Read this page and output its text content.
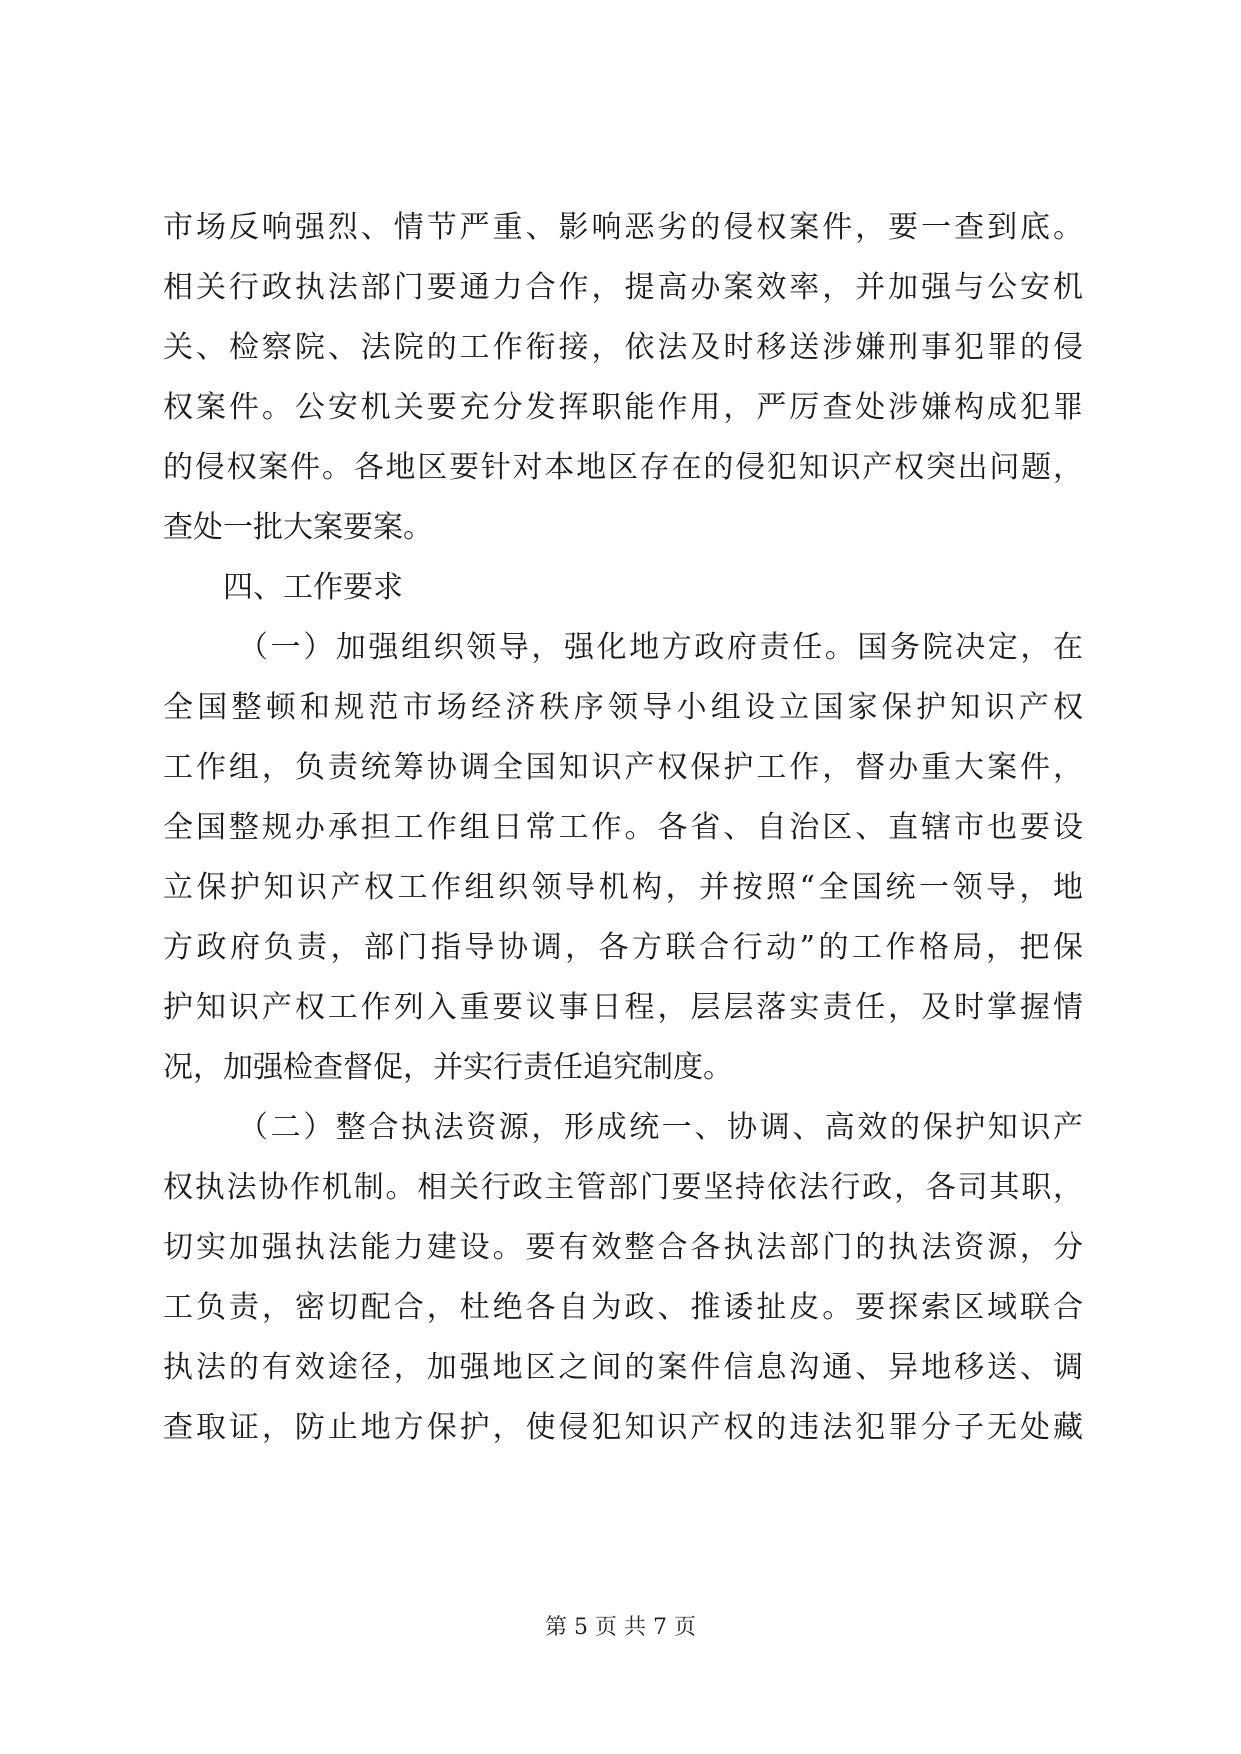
市场反响强烈、情节严重、影响恶劣的侵权案件，要一查到底。
相关行政执法部门要通力合作，提高办案效率，并加强与公安机
关、检察院、法院的工作衔接，依法及时移送涉嫌刑事犯罪的侵
权案件。公安机关要充分发挥职能作用，严厉查处涉嫌构成犯罪
的侵权案件。各地区要针对本地区存在的侵犯知识产权突出问题，
查处一批大案要案。
四、工作要求
（一）加强组织领导，强化地方政府责任。国务院决定，在
全国整顿和规范市场经济秩序领导小组设立国家保护知识产权
工作组，负责统筹协调全国知识产权保护工作，督办重大案件，
全国整规办承担工作组日常工作。各省、自治区、直辖市也要设
立保护知识产权工作组织领导机构，并按照“全国统一领导，地
方政府负责，部门指导协调，各方联合行动”的工作格局，把保
护知识产权工作列入重要议事日程，层层落实责任，及时掌握情
况，加强检查督促，并实行责任追究制度。
（二）整合执法资源，形成统一、协调、高效的保护知识产
权执法协作机制。相关行政主管部门要坚持依法行政，各司其职，
切实加强执法能力建设。要有效整合各执法部门的执法资源，分
工负责，密切配合，杜绝各自为政、推诿扯皮。要探索区域联合
执法的有效途径，加强地区之间的案件信息沟通、异地移送、调
查取证，防止地方保护，使侵犯知识产权的违法犯罪分子无处藏
第 5 页 共 7 页
